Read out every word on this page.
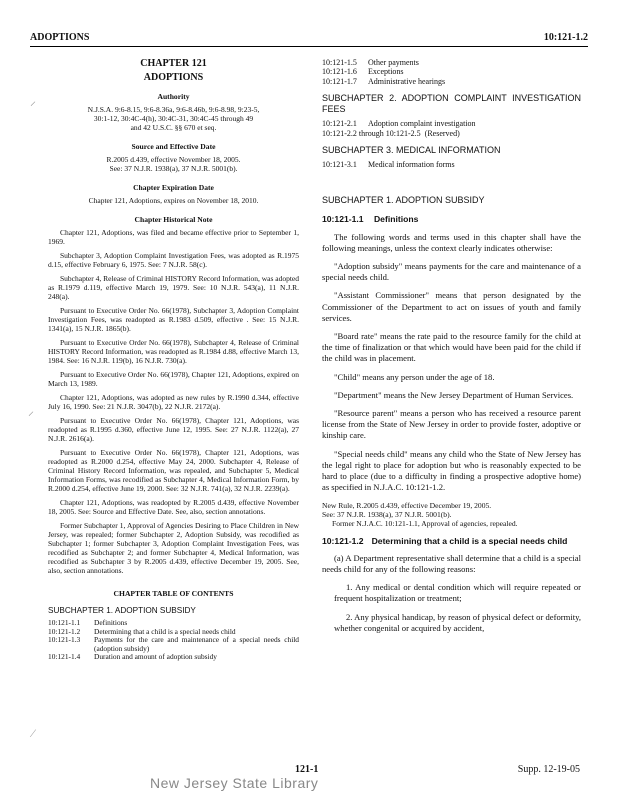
ADOPTIONS	10:121-1.2
⸝
⸝
⁄
CHAPTER 121
ADOPTIONS
Authority
N.J.S.A. 9:6-8.15, 9:6-8.36a, 9:6-8.46b, 9:6-8.98, 9:23-5,
30:1-12, 30:4C-4(h), 30:4C-31, 30:4C-45 through 49
and 42 U.S.C. §§ 670 et seq.
Source and Effective Date
R.2005 d.439, effective November 18, 2005.
See: 37 N.J.R. 1938(a), 37 N.J.R. 5001(b).
Chapter Expiration Date
Chapter 121, Adoptions, expires on November 18, 2010.
Chapter Historical Note

Chapter 121, Adoptions, was filed and became effective prior to September 1, 1969.

Subchapter 3, Adoption Complaint Investigation Fees, was adopted as R.1975 d.15, effective February 6, 1975. See: 7 N.J.R. 58(c).

Subchapter 4, Release of Criminal HISTORY Record Information, was adopted as R.1979 d.119, effective March 19, 1979. See: 10 N.J.R. 543(a), 11 N.J.R. 248(a).

Pursuant to Executive Order No. 66(1978), Subchapter 3, Adoption Complaint Investigation Fees, was readopted as R.1983 d.509, effective . See: 15 N.J.R. 1341(a), 15 N.J.R. 1865(b).

Pursuant to Executive Order No. 66(1978), Subchapter 4, Release of Criminal HISTORY Record Information, was readopted as R.1984 d.88, effective March 13, 1984. See: 16 N.J.R. 119(b), 16 N.J.R. 730(a).

Pursuant to Executive Order No. 66(1978), Chapter 121, Adoptions, expired on March 13, 1989.

Chapter 121, Adoptions, was adopted as new rules by R.1990 d.344, effective July 16, 1990. See: 21 N.J.R. 3047(b), 22 N.J.R. 2172(a).

Pursuant to Executive Order No. 66(1978), Chapter 121, Adoptions, was readopted as R.1995 d.360, effective June 12, 1995. See: 27 N.J.R. 1122(a), 27 N.J.R. 2616(a).

Pursuant to Executive Order No. 66(1978), Chapter 121, Adoptions, was readopted as R.2000 d.254, effective May 24, 2000. Subchapter 4, Release of Criminal History Record Information, was repealed, and Subchapter 5, Medical Information Forms, was recodified as Subchapter 4, Medical Information Form, by R.2000 d.254, effective June 19, 2000. See: 32 N.J.R. 741(a), 32 N.J.R. 2239(a).

Chapter 121, Adoptions, was readopted by R.2005 d.439, effective November 18, 2005. See: Source and Effective Date. See, also, section annotations.

Former Subchapter 1, Approval of Agencies Desiring to Place Children in New Jersey, was repealed; former Subchapter 2, Adoption Subsidy, was recodified as Subchapter 1; former Subchapter 3, Adoption Complaint Investigation Fees, was recodified as Subchapter 2; and former Subchapter 4, Medical Information, was recodified as Subchapter 3 by R.2005 d.439, effective December 19, 2005. See, also, section annotations.

CHAPTER TABLE OF CONTENTS
SUBCHAPTER 1. ADOPTION SUBSIDY
10:121-1.1	Definitions
10:121-1.2	Determining that a child is a special needs child
10:121-1.3	Payments for the care and maintenance of a special needs child (adoption subsidy)
10:121-1.4	Duration and amount of adoption subsidy
10:121-1.5	Other payments
10:121-1.6	Exceptions
10:121-1.7	Administrative hearings
SUBCHAPTER 2. ADOPTION COMPLAINT INVESTIGATION FEES
10:121-2.1	Adoption complaint investigation
10:121-2.2 through 10:121-2.5 (Reserved)
SUBCHAPTER 3. MEDICAL INFORMATION
10:121-3.1	Medical information forms
SUBCHAPTER 1. ADOPTION SUBSIDY
10:121-1.1 Definitions

The following words and terms used in this chapter shall have the following meanings, unless the context clearly indicates otherwise:

"Adoption subsidy" means payments for the care and maintenance of a special needs child.

"Assistant Commissioner" means that person designated by the Commissioner of the Department to act on issues of youth and family services.

"Board rate" means the rate paid to the resource family for the child at the time of finalization or that which would have been paid for the child if the child was in placement.

"Child" means any person under the age of 18.

"Department" means the New Jersey Department of Human Services.

"Resource parent" means a person who has received a resource parent license from the State of New Jersey in order to provide foster, adoptive or kinship care.

"Special needs child" means any child who the State of New Jersey has the legal right to place for adoption but who is reasonably expected to be hard to place (due to a difficulty in finding a prospective adoptive home) as specified in N.J.A.C. 10:121-1.2.

New Rule, R.2005 d.439, effective December 19, 2005.
See: 37 N.J.R. 1938(a), 37 N.J.R. 5001(b).
Former N.J.A.C. 10:121-1.1, Approval of agencies, repealed.
10:121-1.2 Determining that a child is a special needs child

(a) A Department representative shall determine that a child is a special needs child for any of the following reasons:

1. Any medical or dental condition which will require repeated or frequent hospitalization or treatment;

2. Any physical handicap, by reason of physical defect or deformity, whether congenital or acquired by accident,

121-1
New Jersey State Library
Supp. 12-19-05
